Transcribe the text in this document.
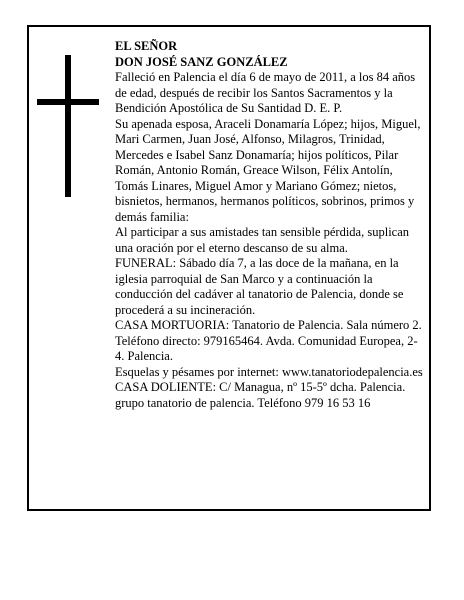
EL SEÑOR

DON JOSÉ SANZ GONZÁLEZ

Falleció en Palencia el día 6 de mayo de 2011, a los 84 años de edad, después de recibir los Santos Sacramentos y la Bendición Apostólica de Su Santidad D. E. P.

Su apenada esposa, Araceli Donamaría López; hijos, Miguel, Mari Carmen, Juan José, Alfonso, Milagros, Trinidad, Mercedes e Isabel Sanz Donamaría; hijos políticos, Pilar Román, Antonio Román, Greace Wilson, Félix Antolín, Tomás Linares, Miguel Amor y Mariano Gómez; nietos, bisnietos, hermanos, hermanos políticos, sobrinos, primos y demás familia:

Al participar a sus amistades tan sensible pérdida, suplican una oración por el eterno descanso de su alma.

FUNERAL: Sábado día 7, a las doce de la mañana, en la iglesia parroquial de San Marco y a continuación la conducción del cadáver al tanatorio de Palencia, donde se procederá a su incineración.

CASA MORTUORIA: Tanatorio de Palencia. Sala número 2. Teléfono directo: 979165464. Avda. Comunidad Europea, 2-4. Palencia.

Esquelas y pésames por internet: www.tanatoriodepalencia.es

CASA DOLIENTE: C/ Managua, nº 15-5º dcha. Palencia.

grupo tanatorio de palencia. Teléfono 979 16 53 16
